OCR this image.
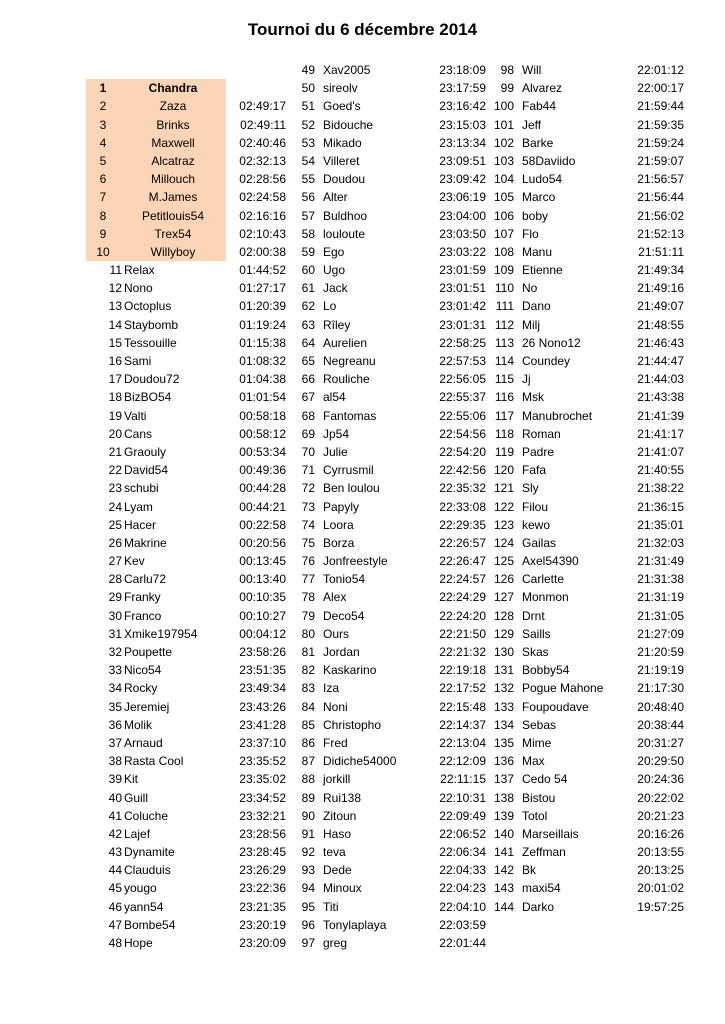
Tournoi du 6 décembre 2014
1	Chandra
2	Zaza	02:49:17
3	Brinks	02:49:11
4	Maxwell	02:40:46
5	Alcatraz	02:32:13
6	Millouch	02:28:56
7	M.James	02:24:58
8	Petitlouis54	02:16:16
9	Trex54	02:10:43
10	Willyboy	02:00:38
11 Relax	01:44:52
12 Nono	01:27:17
13 Octoplus	01:20:39
14 Staybomb	01:19:24
15 Tessouille	01:15:38
16 Sami	01:08:32
17 Doudou72	01:04:38
18 BizBO54	01:01:54
19 Valti	00:58:18
20 Cans	00:58:12
21 Graouly	00:53:34
22 David54	00:49:36
23 schubi	00:44:28
24 Lyam	00:44:21
25 Hacer	00:22:58
26 Makrine	00:20:56
27 Kev	00:13:45
28 Carlu72	00:13:40
29 Franky	00:10:35
30 Franco	00:10:27
31 Xmike197954	00:04:12
32 Poupette	23:58:26
33 Nico54	23:51:35
34 Rocky	23:49:34
35 Jeremiej	23:43:26
36 Molik	23:41:28
37 Arnaud	23:37:10
38 Rasta Cool	23:35:52
39 Kit	23:35:02
40 Guill	23:34:52
41 Coluche	23:32:21
42 Lajef	23:28:56
43 Dynamite	23:28:45
44 Clauduis	23:26:29
45 yougo	23:22:36
46 yann54	23:21:35
47 Bombe54	23:20:19
48 Hope	23:20:09
49 Xav2005	23:18:09
50 sireolv	23:17:59
51 Goed's	23:16:42
52 Bidouche	23:15:03
53 Mikado	23:13:34
54 Villeret	23:09:51
55 Doudou	23:09:42
56 Alter	23:06:19
57 Buldhoo	23:04:00
58 louloute	23:03:50
59 Ego	23:03:22
60 Ugo	23:01:59
61 Jack	23:01:51
62 Lo	23:01:42
63 Rîley	23:01:31
64 Aurelien	22:58:25
65 Negreanu	22:57:53
66 Rouliche	22:56:05
67 al54	22:55:37
68 Fantomas	22:55:06
69 Jp54	22:54:56
70 Julie	22:54:20
71 Cyrrusmil	22:42:56
72 Ben loulou	22:35:32
73 Papyly	22:33:08
74 Loora	22:29:35
75 Borza	22:26:57
76 Jonfreestyle	22:26:47
77 Tonio54	22:24:57
78 Alex	22:24:29
79 Deco54	22:24:20
80 Ours	22:21:50
81 Jordan	22:21:32
82 Kaskarino	22:19:18
83 Iza	22:17:52
84 Noni	22:15:48
85 Christopho	22:14:37
86 Fred	22:13:04
87 Didiche54000	22:12:09
88 jorkill	22:11:15
89 Rui138	22:10:31
90 Zitoun	22:09:49
91 Haso	22:06:52
92 teva	22:06:34
93 Dede	22:04:33
94 Minoux	22:04:23
95 Titi	22:04:10
96 Tonylaplaya	22:03:59
97 greg	22:01:44
98 Will	22:01:12
99 Alvarez	22:00:17
100 Fab44	21:59:44
101 Jeff	21:59:35
102 Barke	21:59:24
103 58Daviido	21:59:07
104 Ludo54	21:56:57
105 Marco	21:56:44
106 boby	21:56:02
107 Flo	21:52:13
108 Manu	21:51:11
109 Etienne	21:49:34
110 No	21:49:16
111 Dano	21:49:07
112 Milj	21:48:55
113 26 Nono12	21:46:43
114 Coundey	21:44:47
115 Jj	21:44:03
116 Msk	21:43:38
117 Manubrochet	21:41:39
118 Roman	21:41:17
119 Padre	21:41:07
120 Fafa	21:40:55
121 Sly	21:38:22
122 Filou	21:36:15
123 kewo	21:35:01
124 Gailas	21:32:03
125 Axel54390	21:31:49
126 Carlette	21:31:38
127 Monmon	21:31:19
128 Drnt	21:31:05
129 Saills	21:27:09
130 Skas	21:20:59
131 Bobby54	21:19:19
132 Pogue Mahone	21:17:30
133 Foupoudave	20:48:40
134 Sebas	20:38:44
135 Mime	20:31:27
136 Max	20:29:50
137 Cedo 54	20:24:36
138 Bistou	20:22:02
139 Totol	20:21:23
140 Marseillais	20:16:26
141 Zeffman	20:13:55
142 Bk	20:13:25
143 maxi54	20:01:02
144 Darko	19:57:25
